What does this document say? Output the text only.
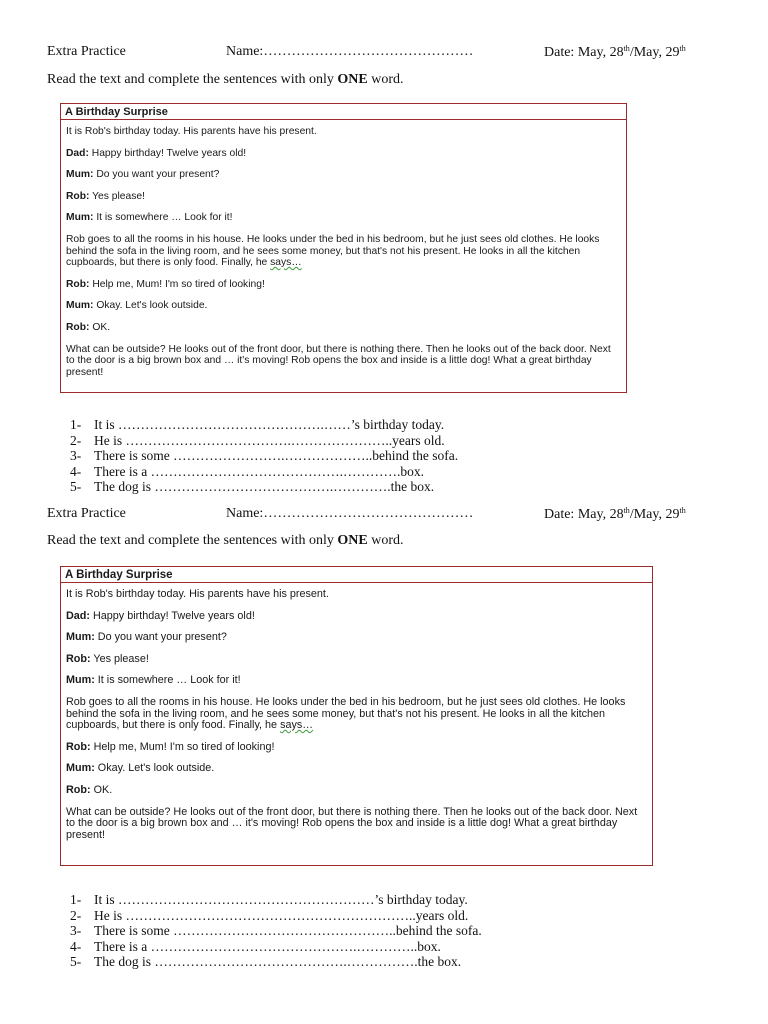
Extra Practice	Name:………………………………………	Date: May, 28th/May, 29th
Read the text and complete the sentences with only ONE word.
A Birthday Surprise

It is Rob's birthday today. His parents have his present.

Dad: Happy birthday! Twelve years old!

Mum: Do you want your present?

Rob: Yes please!

Mum: It is somewhere … Look for it!

Rob goes to all the rooms in his house. He looks under the bed in his bedroom, but he just sees old clothes. He looks behind the sofa in the living room, and he sees some money, but that's not his present. He looks in all the kitchen cupboards, but there is only food. Finally, he says…

Rob: Help me, Mum! I'm so tired of looking!

Mum: Okay. Let's look outside.

Rob: OK.

What can be outside? He looks out of the front door, but there is nothing there. Then he looks out of the back door. Next to the door is a big brown box and … it's moving! Rob opens the box and inside is a little dog! What a great birthday present!

1- It is ……………………………………….……’s birthday today.
2- He is ……………………………….…………………..years old.
3- There is some …………………….………………..behind the sofa.
4- There is a …………………………………….………….box.
5- The dog is ………………………………….………….the box.
Extra Practice	Name:………………………………………	Date: May, 28th/May, 29th
Read the text and complete the sentences with only ONE word.
A Birthday Surprise

It is Rob's birthday today. His parents have his present.

Dad: Happy birthday! Twelve years old!

Mum: Do you want your present?

Rob: Yes please!

Mum: It is somewhere … Look for it!

Rob goes to all the rooms in his house. He looks under the bed in his bedroom, but he just sees old clothes. He looks behind the sofa in the living room, and he sees some money, but that's not his present. He looks in all the kitchen cupboards, but there is only food. Finally, he says…

Rob: Help me, Mum! I'm so tired of looking!

Mum: Okay. Let's look outside.

Rob: OK.

What can be outside? He looks out of the front door, but there is nothing there. Then he looks out of the back door. Next to the door is a big brown box and … it's moving! Rob opens the box and inside is a little dog! What a great birthday present!

1- It is …………………………………………………’s birthday today.
2- He is ………………………………………………………..years old.
3- There is some …………………………………………..behind the sofa.
4- There is a ……………………………………….…………..box.
5- The dog is …………………………………….…………….the box.
